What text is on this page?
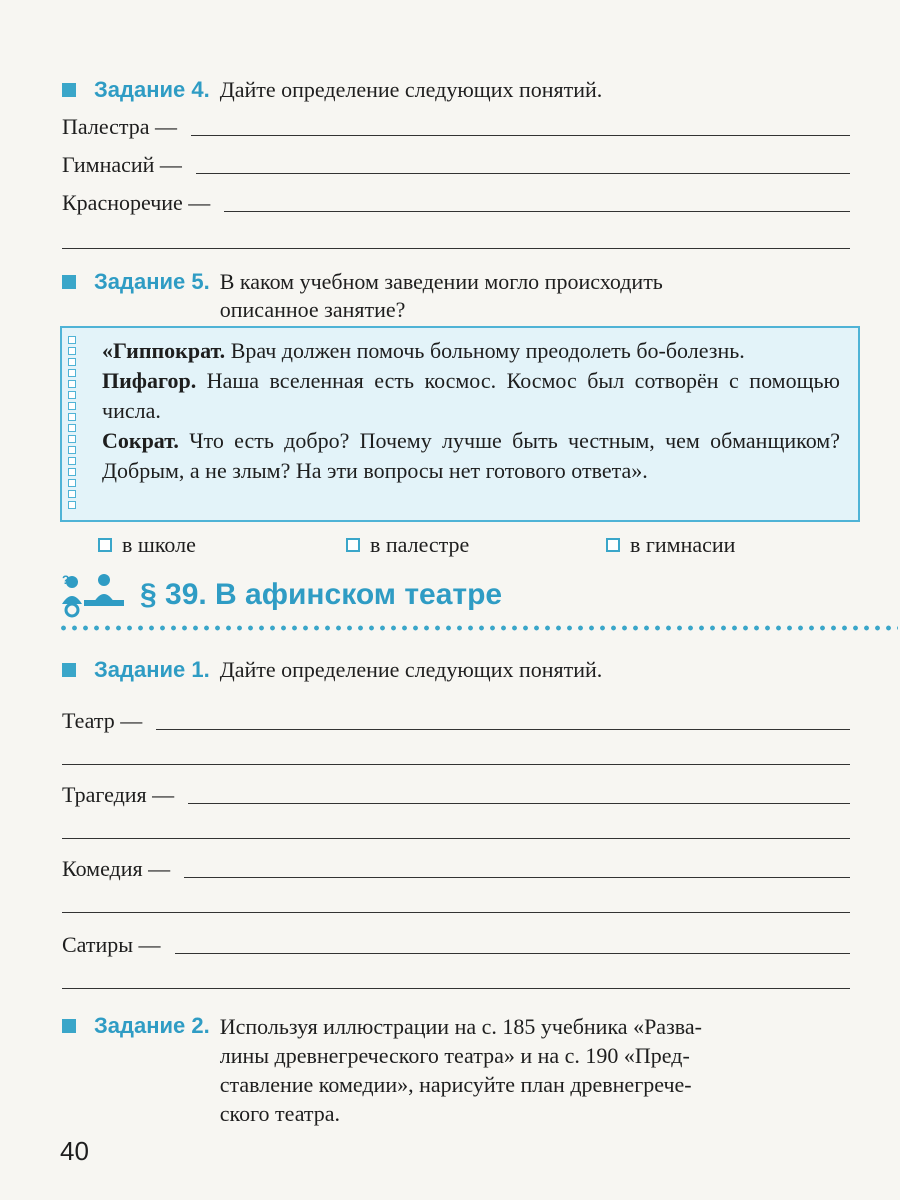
Задание 4. Дайте определение следующих понятий.
Палестра —
Гимнасий —
Красноречие —
Задание 5. В каком учебном заведении могло происходить
описанное занятие?

«Гиппократ. Врач должен помочь больному преодолеть бо-болезнь.

Пифагор. Наша вселенная есть космос. Космос был сотворён с помощью числа.

Сократ. Что есть добро? Почему лучше быть честным, чем обманщиком? Добрым, а не злым? На эти вопросы нет готового ответа».

в школе	в палестре	в гимнасии
? § 39. В афинском театре
Задание 1. Дайте определение следующих понятий.
Театр —
Трагедия —
Комедия —
Сатиры —
Задание 2. Используя иллюстрации на с. 185 учебника «Разва-
лины древнегреческого театра» и на с. 190 «Пред-
ставление комедии», нарисуйте план древнегрече-
ского театра.
40
